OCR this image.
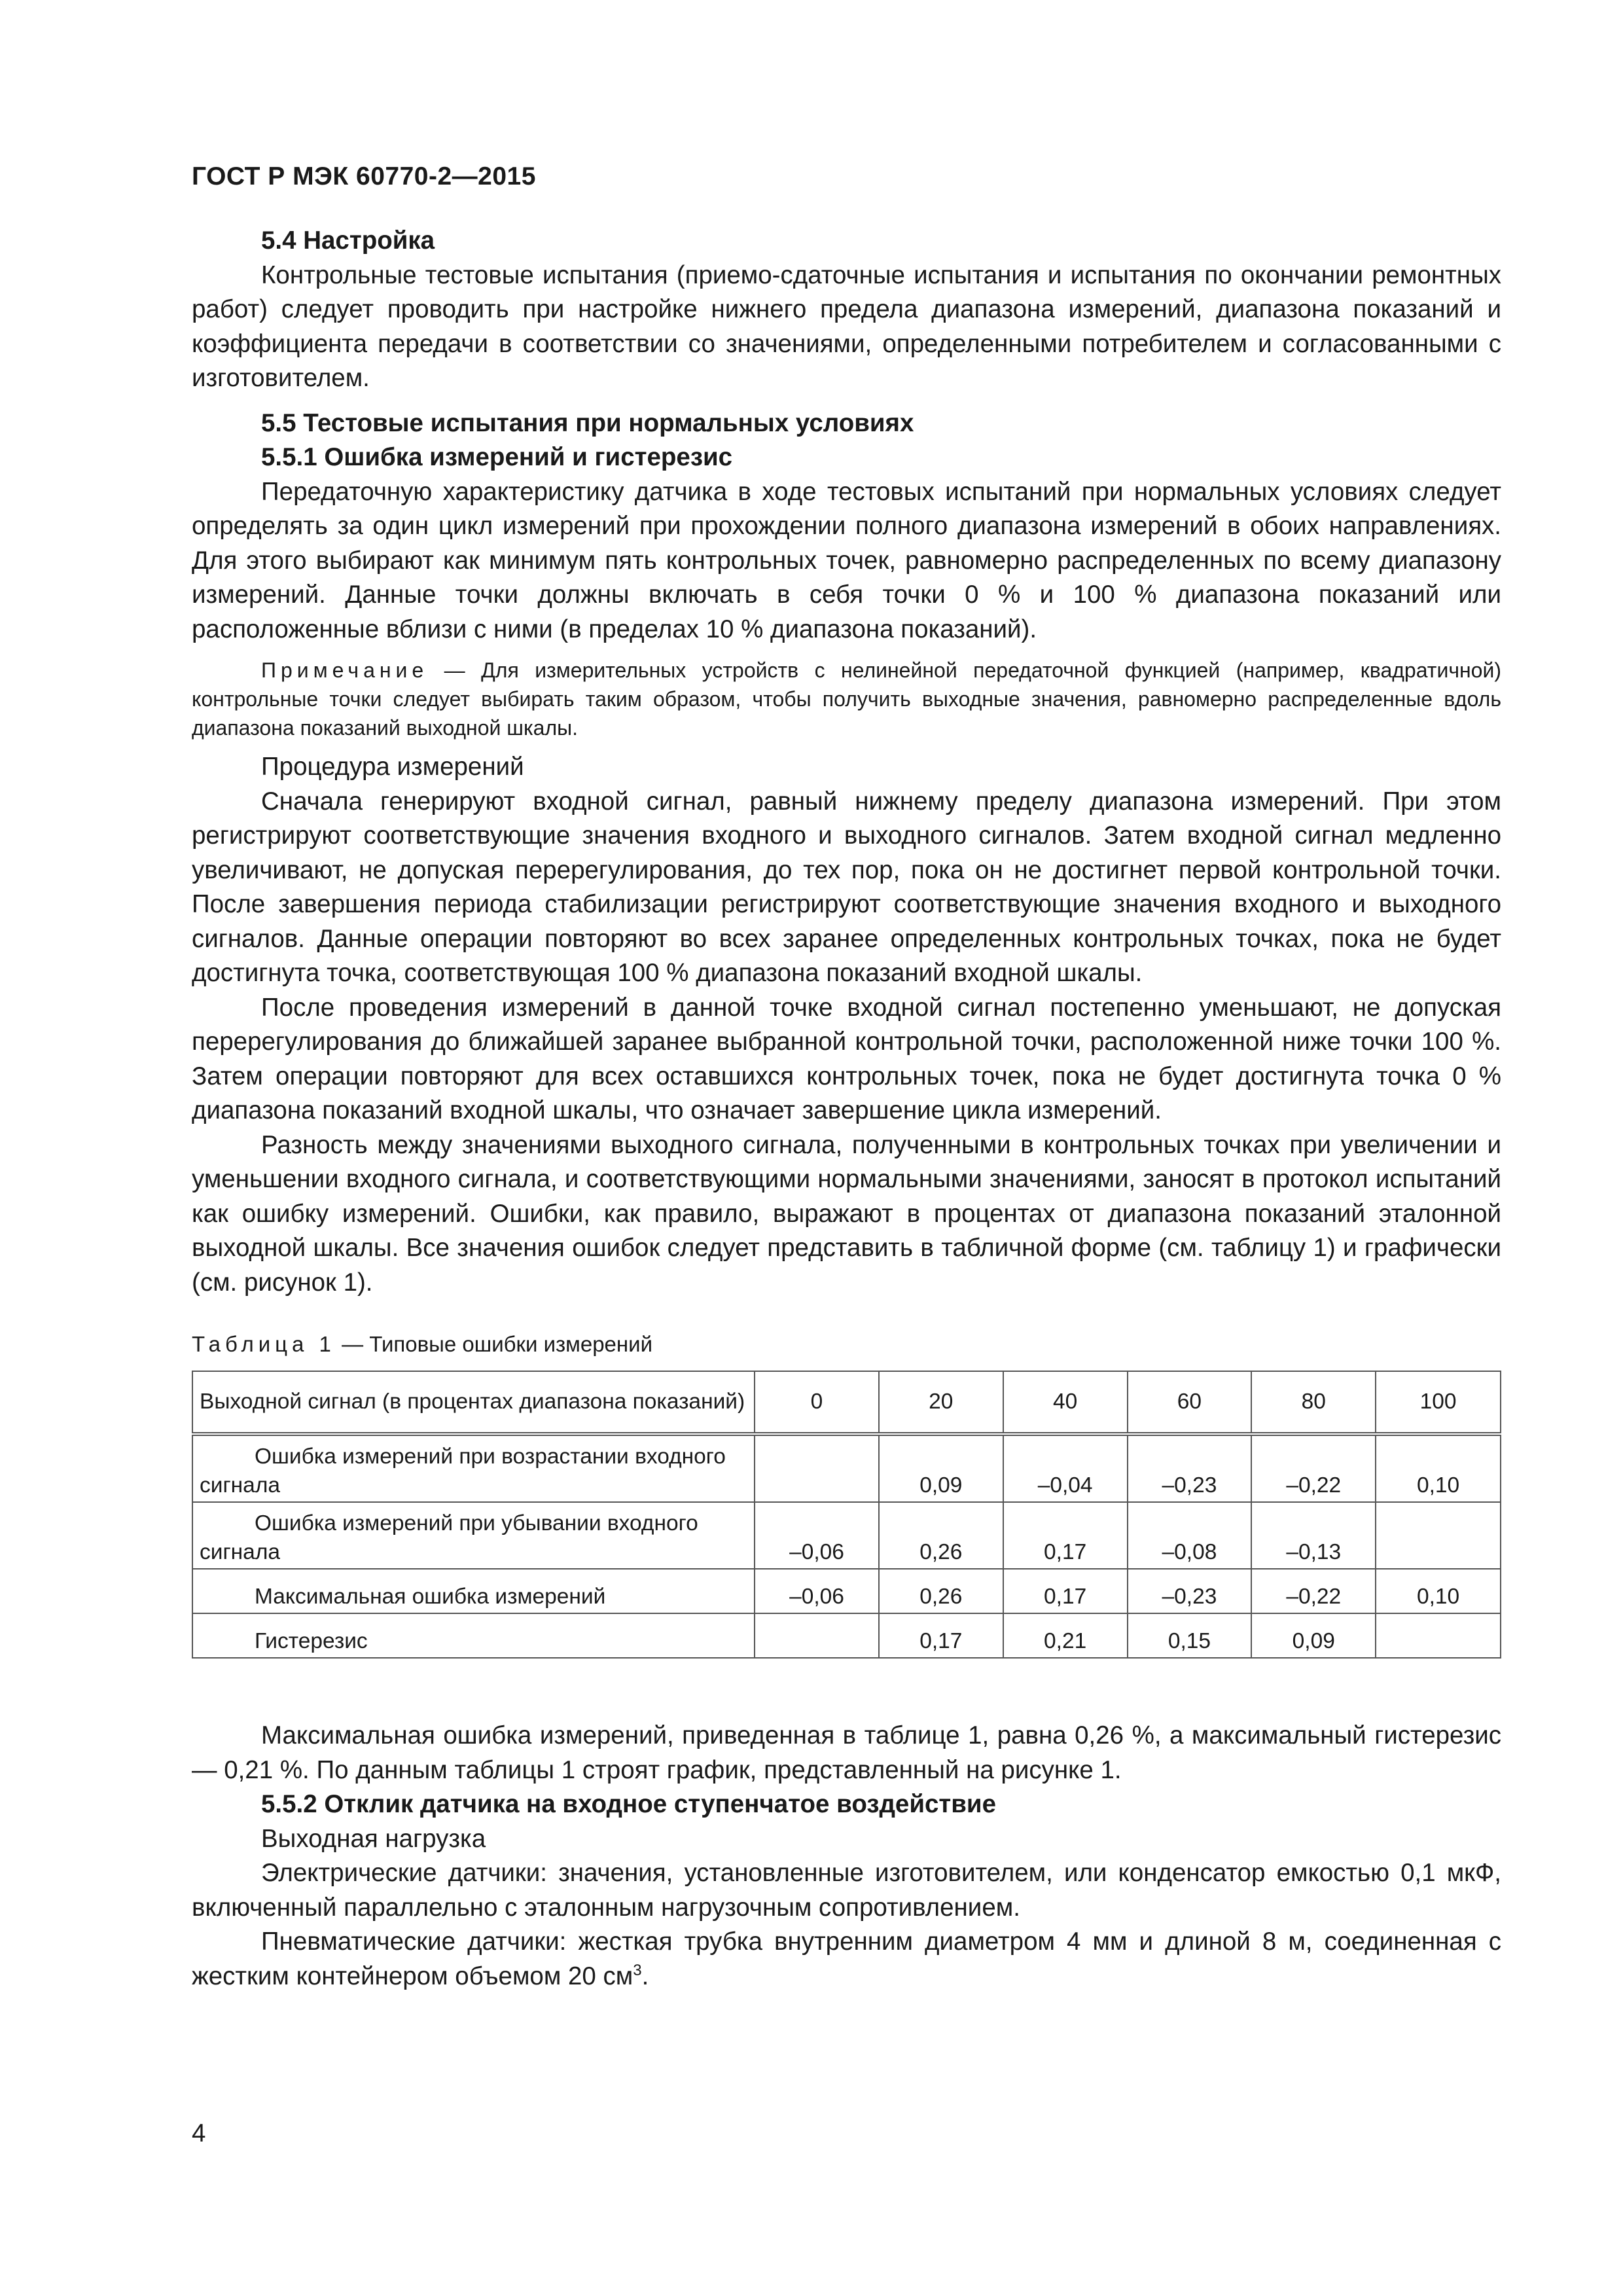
ГОСТ Р МЭК 60770-2—2015
5.4 Настройка

Контрольные тестовые испытания (приемо-сдаточные испытания и испытания по окончании ремонтных работ) следует проводить при настройке нижнего предела диапазона измерений, диапазона показаний и коэффициента передачи в соответствии со значениями, определенными потребителем и согласованными с изготовителем.

5.5 Тестовые испытания при нормальных условиях
5.5.1 Ошибка измерений и гистерезис

Передаточную характеристику датчика в ходе тестовых испытаний при нормальных условиях следует определять за один цикл измерений при прохождении полного диапазона измерений в обоих направлениях. Для этого выбирают как минимум пять контрольных точек, равномерно распределенных по всему диапазону измерений. Данные точки должны включать в себя точки 0 % и 100 % диапазона показаний или расположенные вблизи с ними (в пределах 10 % диапазона показаний).

Примечание — Для измерительных устройств с нелинейной передаточной функцией (например, квадратичной) контрольные точки следует выбирать таким образом, чтобы получить выходные значения, равномерно распределенные вдоль диапазона показаний выходной шкалы.

Процедура измерений

Сначала генерируют входной сигнал, равный нижнему пределу диапазона измерений. При этом регистрируют соответствующие значения входного и выходного сигналов. Затем входной сигнал медленно увеличивают, не допуская перерегулирования, до тех пор, пока он не достигнет первой контрольной точки. После завершения периода стабилизации регистрируют соответствующие значения входного и выходного сигналов. Данные операции повторяют во всех заранее определенных контрольных точках, пока не будет достигнута точка, соответствующая 100 % диапазона показаний входной шкалы.

После проведения измерений в данной точке входной сигнал постепенно уменьшают, не допуская перерегулирования до ближайшей заранее выбранной контрольной точки, расположенной ниже точки 100 %. Затем операции повторяют для всех оставшихся контрольных точек, пока не будет достигнута точка 0 % диапазона показаний входной шкалы, что означает завершение цикла измерений.

Разность между значениями выходного сигнала, полученными в контрольных точках при увеличении и уменьшении входного сигнала, и соответствующими нормальными значениями, заносят в протокол испытаний как ошибку измерений. Ошибки, как правило, выражают в процентах от диапазона показаний эталонной выходной шкалы. Все значения ошибок следует представить в табличной форме (см. таблицу 1) и графически (см. рисунок 1).

Таблица 1 — Типовые ошибки измерений

Выходной сигнал (в процентах диапазона показаний)	0	20	40	60	80	100
Ошибка измерений при возрастании входного сигнала		0,09	–0,04	–0,23	–0,22	0,10
Ошибка измерений при убывании входного сигнала	–0,06	0,26	0,17	–0,08	–0,13	
Максимальная ошибка измерений	–0,06	0,26	0,17	–0,23	–0,22	0,10
Гистерезис		0,17	0,21	0,15	0,09	

Максимальная ошибка измерений, приведенная в таблице 1, равна 0,26 %, а максимальный гистерезис — 0,21 %. По данным таблицы 1 строят график, представленный на рисунке 1.

5.5.2 Отклик датчика на входное ступенчатое воздействие

Выходная нагрузка

Электрические датчики: значения, установленные изготовителем, или конденсатор емкостью 0,1 мкФ, включенный параллельно с эталонным нагрузочным сопротивлением.

Пневматические датчики: жесткая трубка внутренним диаметром 4 мм и длиной 8 м, соединенная с жестким контейнером объемом 20 $см^3$.

4
